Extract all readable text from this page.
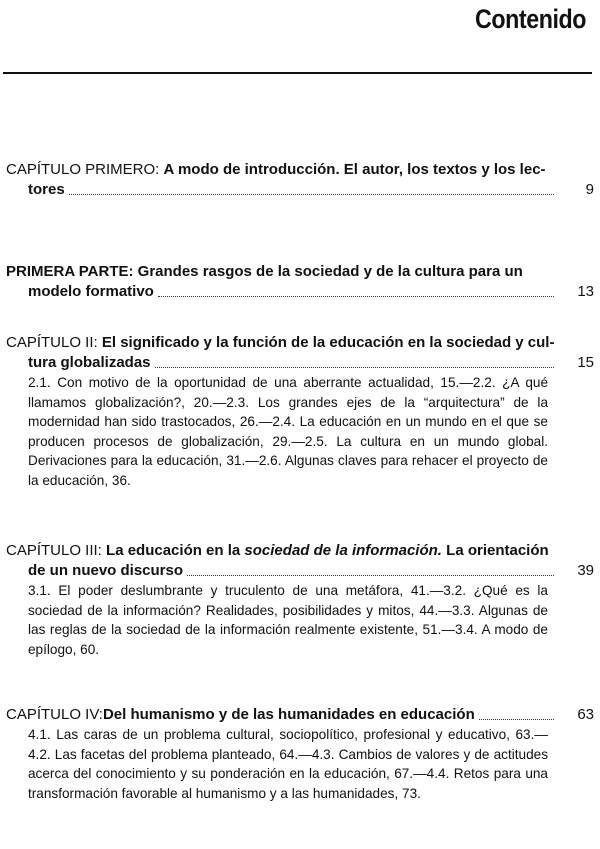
Contenido
CAPÍTULO PRIMERO: A modo de introducción. El autor, los textos y los lec-
tores	9
PRIMERA PARTE: Grandes rasgos de la sociedad y de la cultura para un
modelo formativo	13
CAPÍTULO II: El significado y la función de la educación en la sociedad y cul-
tura globalizadas	15
2.1. Con motivo de la oportunidad de una aberrante actualidad, 15.—2.2. ¿A qué llamamos globalización?, 20.—2.3. Los grandes ejes de la “arquitectura” de la modernidad han sido trastocados, 26.—2.4. La educación en un mundo en el que se producen procesos de globalización, 29.—2.5. La cultura en un mundo global. Derivaciones para la educación, 31.—2.6. Algunas claves para rehacer el proyecto de la educación, 36.
CAPÍTULO III: La educación en la sociedad de la información. La orientación
de un nuevo discurso	39
3.1. El poder deslumbrante y truculento de una metáfora, 41.—3.2. ¿Qué es la sociedad de la información? Realidades, posibilidades y mitos, 44.—3.3. Algunas de las reglas de la sociedad de la información realmente existente, 51.—3.4. A modo de epílogo, 60.
CAPÍTULO IV: Del humanismo y de las humanidades en educación	63
4.1. Las caras de un problema cultural, sociopolítico, profesional y educativo, 63.—4.2. Las facetas del problema planteado, 64.—4.3. Cambios de valores y de actitudes acerca del conocimiento y su ponderación en la educación, 67.—4.4. Retos para una transformación favorable al humanismo y a las humanidades, 73.
